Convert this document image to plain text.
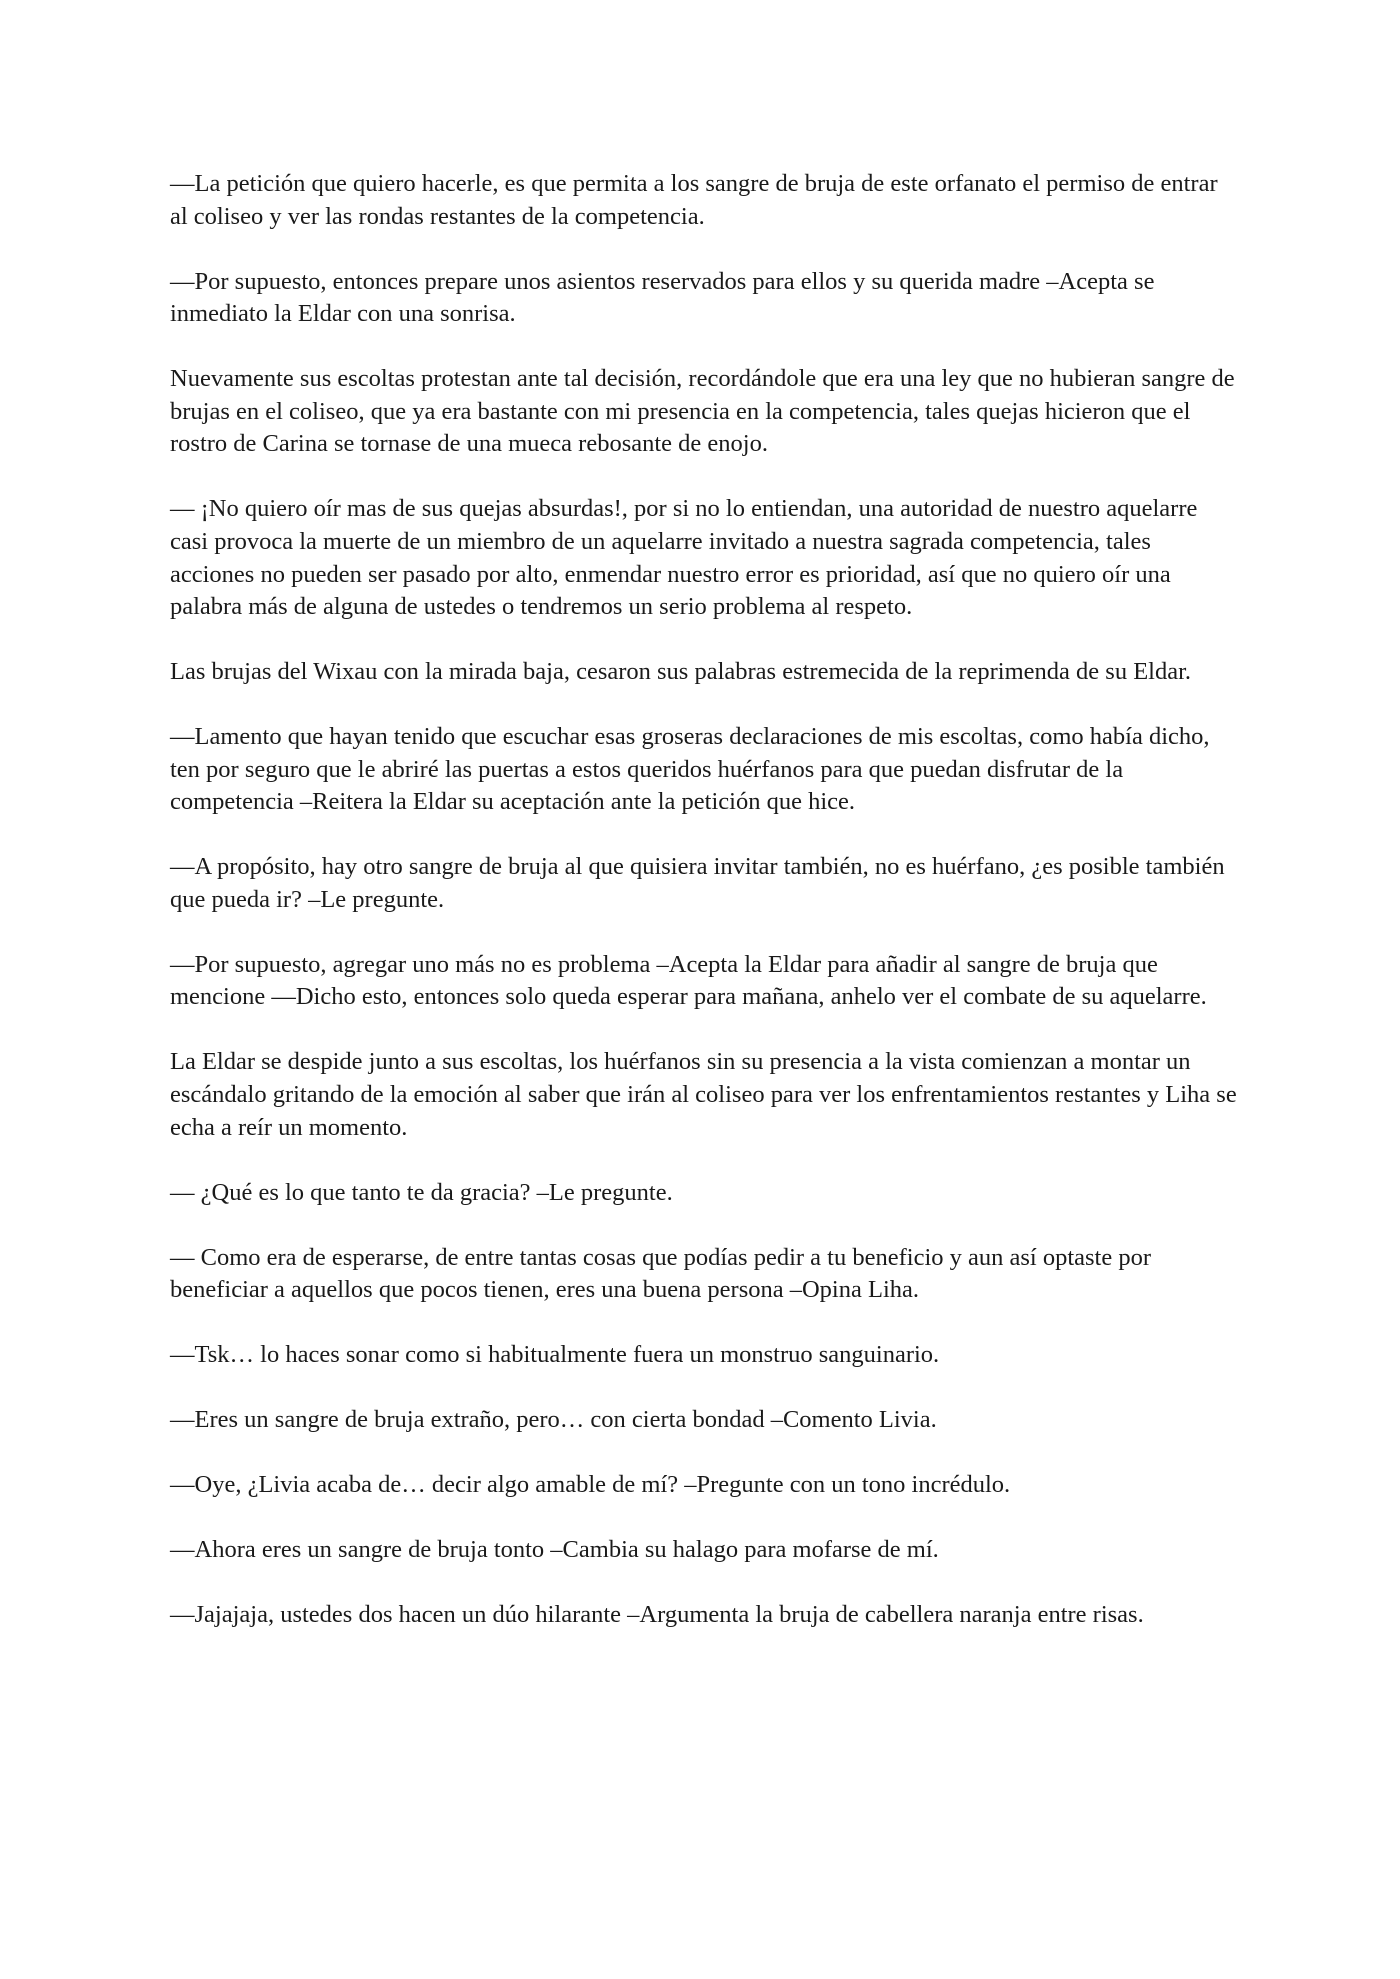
—La petición que quiero hacerle, es que permita a los sangre de bruja de este orfanato el permiso de entrar al coliseo y ver las rondas restantes de la competencia.

—Por supuesto, entonces prepare unos asientos reservados para ellos y su querida madre –Acepta se inmediato la Eldar con una sonrisa.

Nuevamente sus escoltas protestan ante tal decisión, recordándole que era una ley que no hubieran sangre de brujas en el coliseo, que ya era bastante con mi presencia en la competencia, tales quejas hicieron que el rostro de Carina se tornase de una mueca rebosante de enojo.

— ¡No quiero oír mas de sus quejas absurdas!, por si no lo entiendan, una autoridad de nuestro aquelarre casi provoca la muerte de un miembro de un aquelarre invitado a nuestra sagrada competencia, tales acciones no pueden ser pasado por alto, enmendar nuestro error es prioridad, así que no quiero oír una palabra más de alguna de ustedes o tendremos un serio problema al respeto.

Las brujas del Wixau con la mirada baja, cesaron sus palabras estremecida de la reprimenda de su Eldar.

—Lamento que hayan tenido que escuchar esas groseras declaraciones de mis escoltas, como había dicho, ten por seguro que le abriré las puertas a estos queridos huérfanos para que puedan disfrutar de la competencia –Reitera la Eldar su aceptación ante la petición que hice.

—A propósito, hay otro sangre de bruja al que quisiera invitar también, no es huérfano, ¿es posible también que pueda ir? –Le pregunte.

—Por supuesto, agregar uno más no es problema –Acepta la Eldar para añadir al sangre de bruja que mencione —Dicho esto, entonces solo queda esperar para mañana, anhelo ver el combate de su aquelarre.

La Eldar se despide junto a sus escoltas, los huérfanos sin su presencia a la vista comienzan a montar un escándalo gritando de la emoción al saber que irán al coliseo para ver los enfrentamientos restantes y Liha se echa a reír un momento.

— ¿Qué es lo que tanto te da gracia? –Le pregunte.

— Como era de esperarse, de entre tantas cosas que podías pedir a tu beneficio y aun así optaste por beneficiar a aquellos que pocos tienen, eres una buena persona –Opina Liha.

—Tsk… lo haces sonar como si habitualmente fuera un monstruo sanguinario.

—Eres un sangre de bruja extraño, pero… con cierta bondad –Comento Livia.

—Oye, ¿Livia acaba de… decir algo amable de mí? –Pregunte con un tono incrédulo.

—Ahora eres un sangre de bruja tonto –Cambia su halago para mofarse de mí.

—Jajajaja, ustedes dos hacen un dúo hilarante –Argumenta la bruja de cabellera naranja entre risas.
